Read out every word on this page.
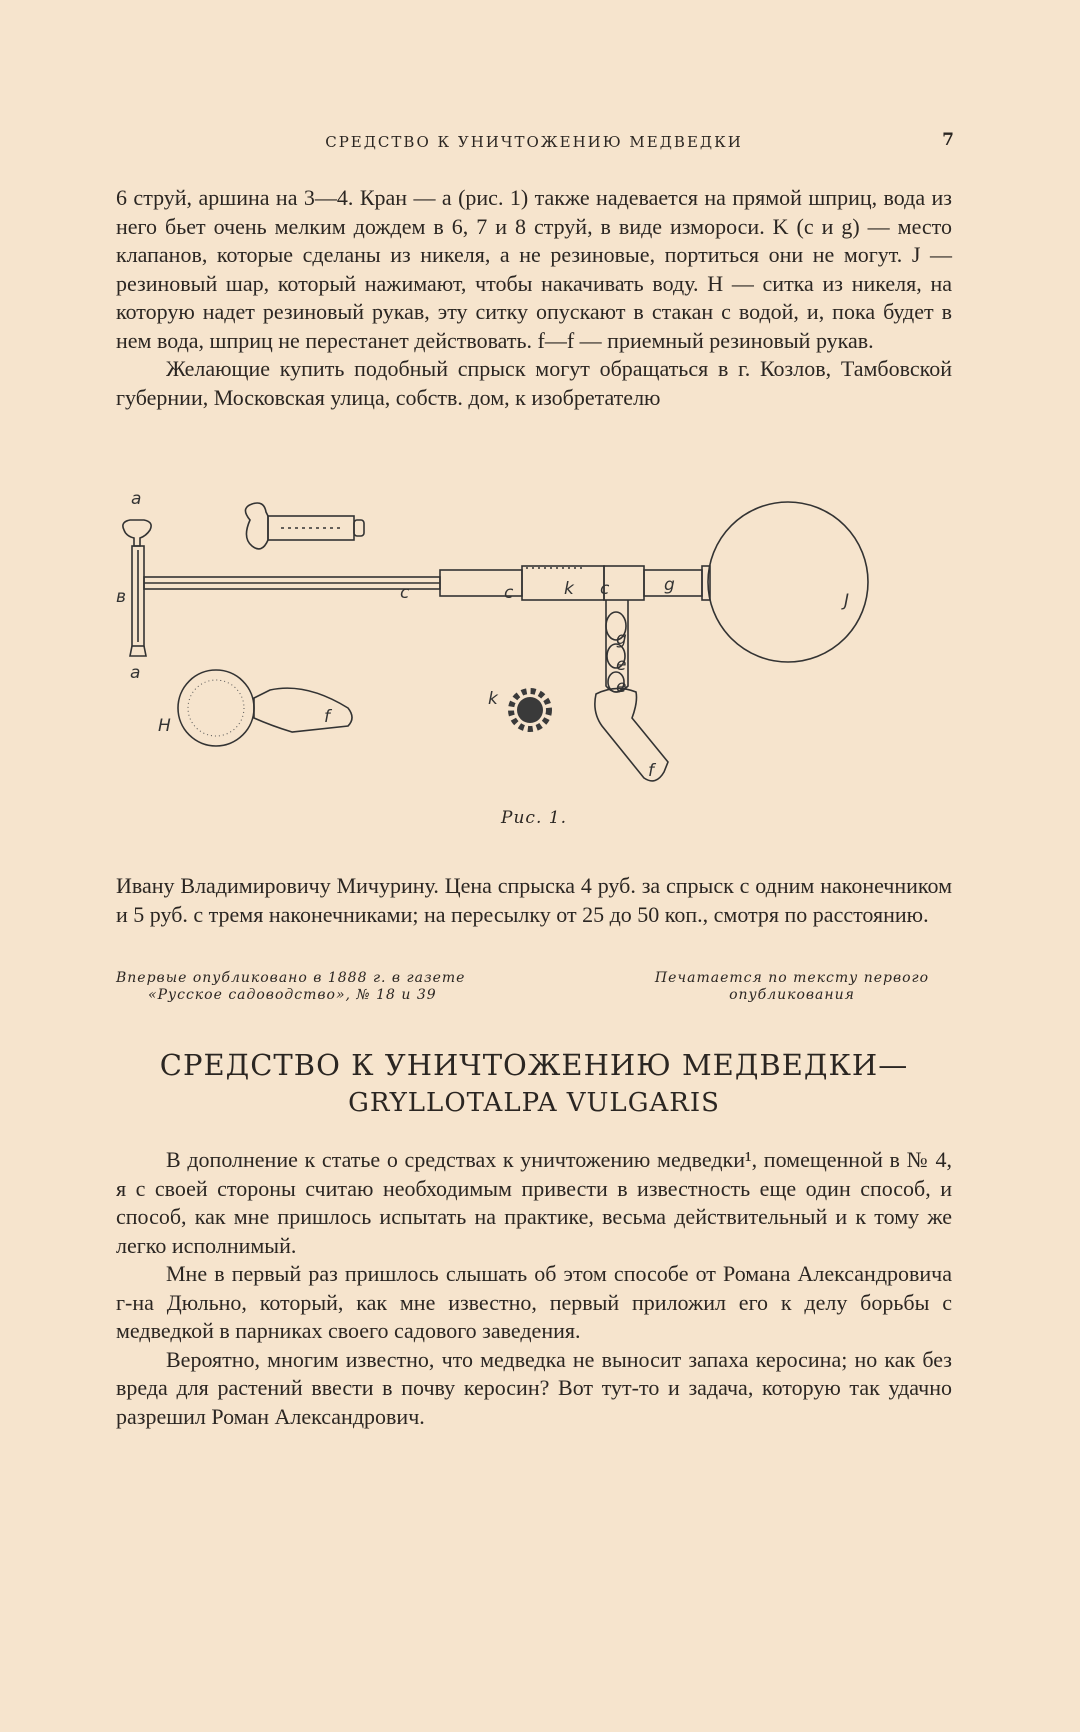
СРЕДСТВО К УНИЧТОЖЕНИЮ МЕДВЕДКИ	7

6 струй, аршина на 3—4. Кран — a (рис. 1) также надевается на прямой шприц, вода из него бьет очень мелким дождем в 6, 7 и 8 струй, в виде измороси. K (c и g) — место клапанов, которые сделаны из никеля, а не резиновые, портиться они не могут. J — резиновый шар, который нажимают, чтобы накачивать воду. H — ситка из никеля, на которую надет резиновый рукав, эту ситку опускают в стакан с водой, и, пока будет в нем вода, шприц не перестанет действовать. f—f — приемный резиновый рукав.

Желающие купить подобный спрыск могут обращаться в г. Козлов, Тамбовской губернии, Московская улица, собств. дом, к изобретателю

a
в
a
H
c	c	k c	g
g
e
e
f
f
k
J
Рис. 1.

Ивану Владимировичу Мичурину. Цена спрыска 4 руб. за спрыск с одним наконечником и 5 руб. с тремя наконечниками; на пересылку от 25 до 50 коп., смотря по расстоянию.

Впервые опубликовано в 1888 г. в газете
«Русское садоводство», № 18 и 39
Печатается по тексту первого
опубликования
СРЕДСТВО К УНИЧТОЖЕНИЮ МЕДВЕДКИ—
GRYLLOTALPA VULGARIS

В дополнение к статье о средствах к уничтожению медведки¹, помещенной в № 4, я с своей стороны считаю необходимым привести в известность еще один способ, и способ, как мне пришлось испытать на практике, весьма действительный и к тому же легко исполнимый.

Мне в первый раз пришлось слышать об этом способе от Романа Александровича г-на Дюльно, который, как мне известно, первый приложил его к делу борьбы с медведкой в парниках своего садового заведения.

Вероятно, многим известно, что медведка не выносит запаха керосина; но как без вреда для растений ввести в почву керосин? Вот тут-то и задача, которую так удачно разрешил Роман Александрович.
